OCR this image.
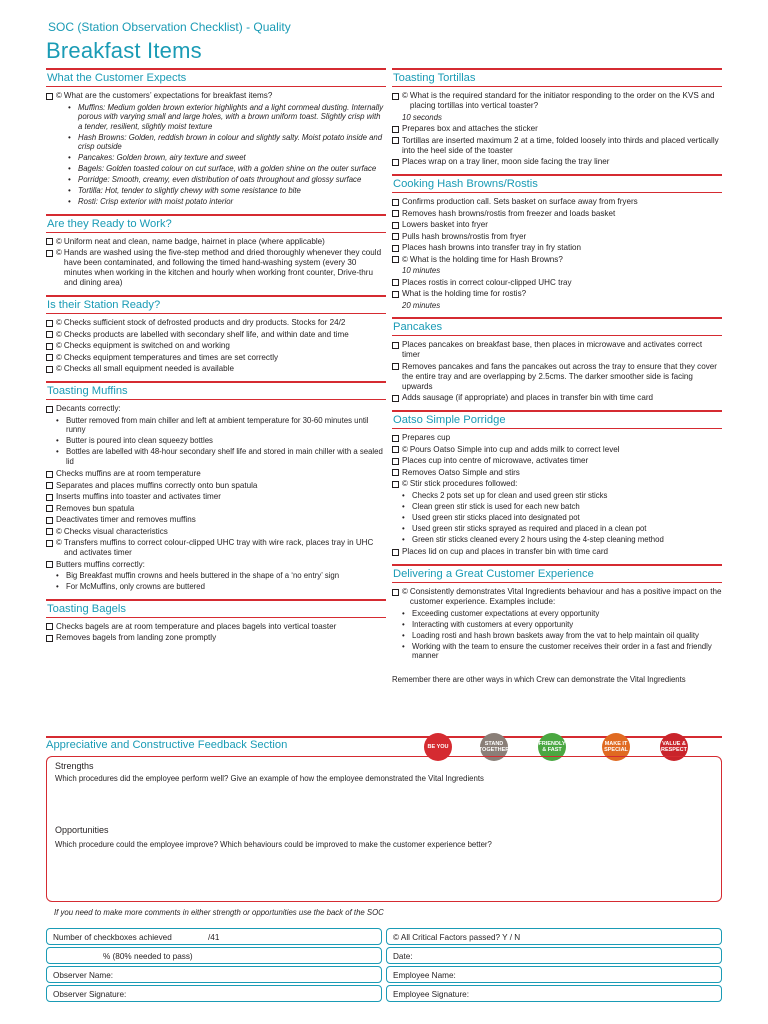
SOC (Station Observation Checklist) - Quality
Breakfast Items
What the Customer Expects
© What are the customers’ expectations for breakfast items?
• Muffins: Medium golden brown exterior highlights and a light cornmeal dusting. Internally porous with varying small and large holes, with a brown uniform toast. Slightly crisp with a tender, resilient, slightly moist texture
• Hash Browns: Golden, reddish brown in colour and slightly salty. Moist potato inside and crisp outside
• Pancakes: Golden brown, airy texture and sweet
• Bagels: Golden toasted colour on cut surface, with a golden shine on the outer surface
• Porridge: Smooth, creamy, even distribution of oats throughout and glossy surface
• Tortilla: Hot, tender to slightly chewy with some resistance to bite
• Rosti: Crisp exterior with moist potato interior
Are they Ready to Work?
© Uniform neat and clean, name badge, hairnet in place (where applicable)
© Hands are washed using the five-step method and dried thoroughly whenever they could have been contaminated, and following the timed hand-washing system (every 30 minutes when working in the kitchen and hourly when working front counter, Drive-thru and dining area)
Is their Station Ready?
© Checks sufficient stock of defrosted products and dry products. Stocks for 24/2
© Checks products are labelled with secondary shelf life, and within date and time
© Checks equipment is switched on and working
© Checks equipment temperatures and times are set correctly
© Checks all small equipment needed is available
Toasting Muffins
Decants correctly:
• Butter removed from main chiller and left at ambient temperature for 30-60 minutes until runny
• Butter is poured into clean squeezy bottles
• Bottles are labelled with 48-hour secondary shelf life and stored in main chiller with a sealed lid
Checks muffins are at room temperature
Separates and places muffins correctly onto bun spatula
Inserts muffins into toaster and activates timer
Removes bun spatula
Deactivates timer and removes muffins
© Checks visual characteristics
© Transfers muffins to correct colour-clipped UHC tray with wire rack, places tray in UHC and activates timer
Butters muffins correctly:
• Big Breakfast muffin crowns and heels buttered in the shape of a ‘no entry’ sign
• For McMuffins, only crowns are buttered
Toasting Bagels
Checks bagels are at room temperature and places bagels into vertical toaster
Removes bagels from landing zone promptly
Toasting Tortillas
© What is the required standard for the initiator responding to the order on the KVS and placing tortillas into vertical toaster?
10 seconds
Prepares box and attaches the sticker
Tortillas are inserted maximum 2 at a time, folded loosely into thirds and placed vertically into the heel side of the toaster
Places wrap on a tray liner, moon side facing the tray liner
Cooking Hash Browns/Rostis
Confirms production call. Sets basket on surface away from fryers
Removes hash browns/rostis from freezer and loads basket
Lowers basket into fryer
Pulls hash browns/rostis from fryer
Places hash browns into transfer tray in fry station
© What is the holding time for Hash Browns?
10 minutes
Places rostis in correct colour-clipped UHC tray
What is the holding time for rostis?
20 minutes
Pancakes
Places pancakes on breakfast base, then places in microwave and activates correct timer
Removes pancakes and fans the pancakes out across the tray to ensure that they cover the entire tray and are overlapping by 2.5cms. The darker smoother side is facing upwards
Adds sausage (if appropriate) and places in transfer bin with time card
Oatso Simple Porridge
Prepares cup
© Pours Oatso Simple into cup and adds milk to correct level
Places cup into centre of microwave, activates timer
Removes Oatso Simple and stirs
© Stir stick procedures followed:
• Checks 2 pots set up for clean and used green stir sticks
• Clean green stir stick is used for each new batch
• Used green stir sticks placed into designated pot
• Used green stir sticks sprayed as required and placed in a clean pot
• Green stir sticks cleaned every 2 hours using the 4-step cleaning method
Places lid on cup and places in transfer bin with time card
Delivering a Great Customer Experience
© Consistently demonstrates Vital Ingredients behaviour and has a positive impact on the customer experience. Examples include:
• Exceeding customer expectations at every opportunity
• Interacting with customers at every opportunity
• Loading rosti and hash brown baskets away from the vat to help maintain oil quality
• Working with the team to ensure the customer receives their order in a fast and friendly manner
Remember there are other ways in which Crew can demonstrate the Vital Ingredients
Appreciative and Constructive Feedback Section	BE YOU	STAND TOGETHER
FRIENDLY & FAST
MAKE IT SPECIAL
VALUE & RESPECT
Strengths
Which procedures did the employee perform well? Give an example of how the employee demonstrated the Vital Ingredients
Opportunities
Which procedure could the employee improve? Which behaviours could be improved to make the customer experience better?
If you need to make more comments in either strength or opportunities use the back of the SOC
Number of checkboxes achieved	/41	© All Critical Factors passed? Y / N
% (80% needed to pass)	Date:
Observer Name:	Employee Name:
Observer Signature:	Employee Signature:
